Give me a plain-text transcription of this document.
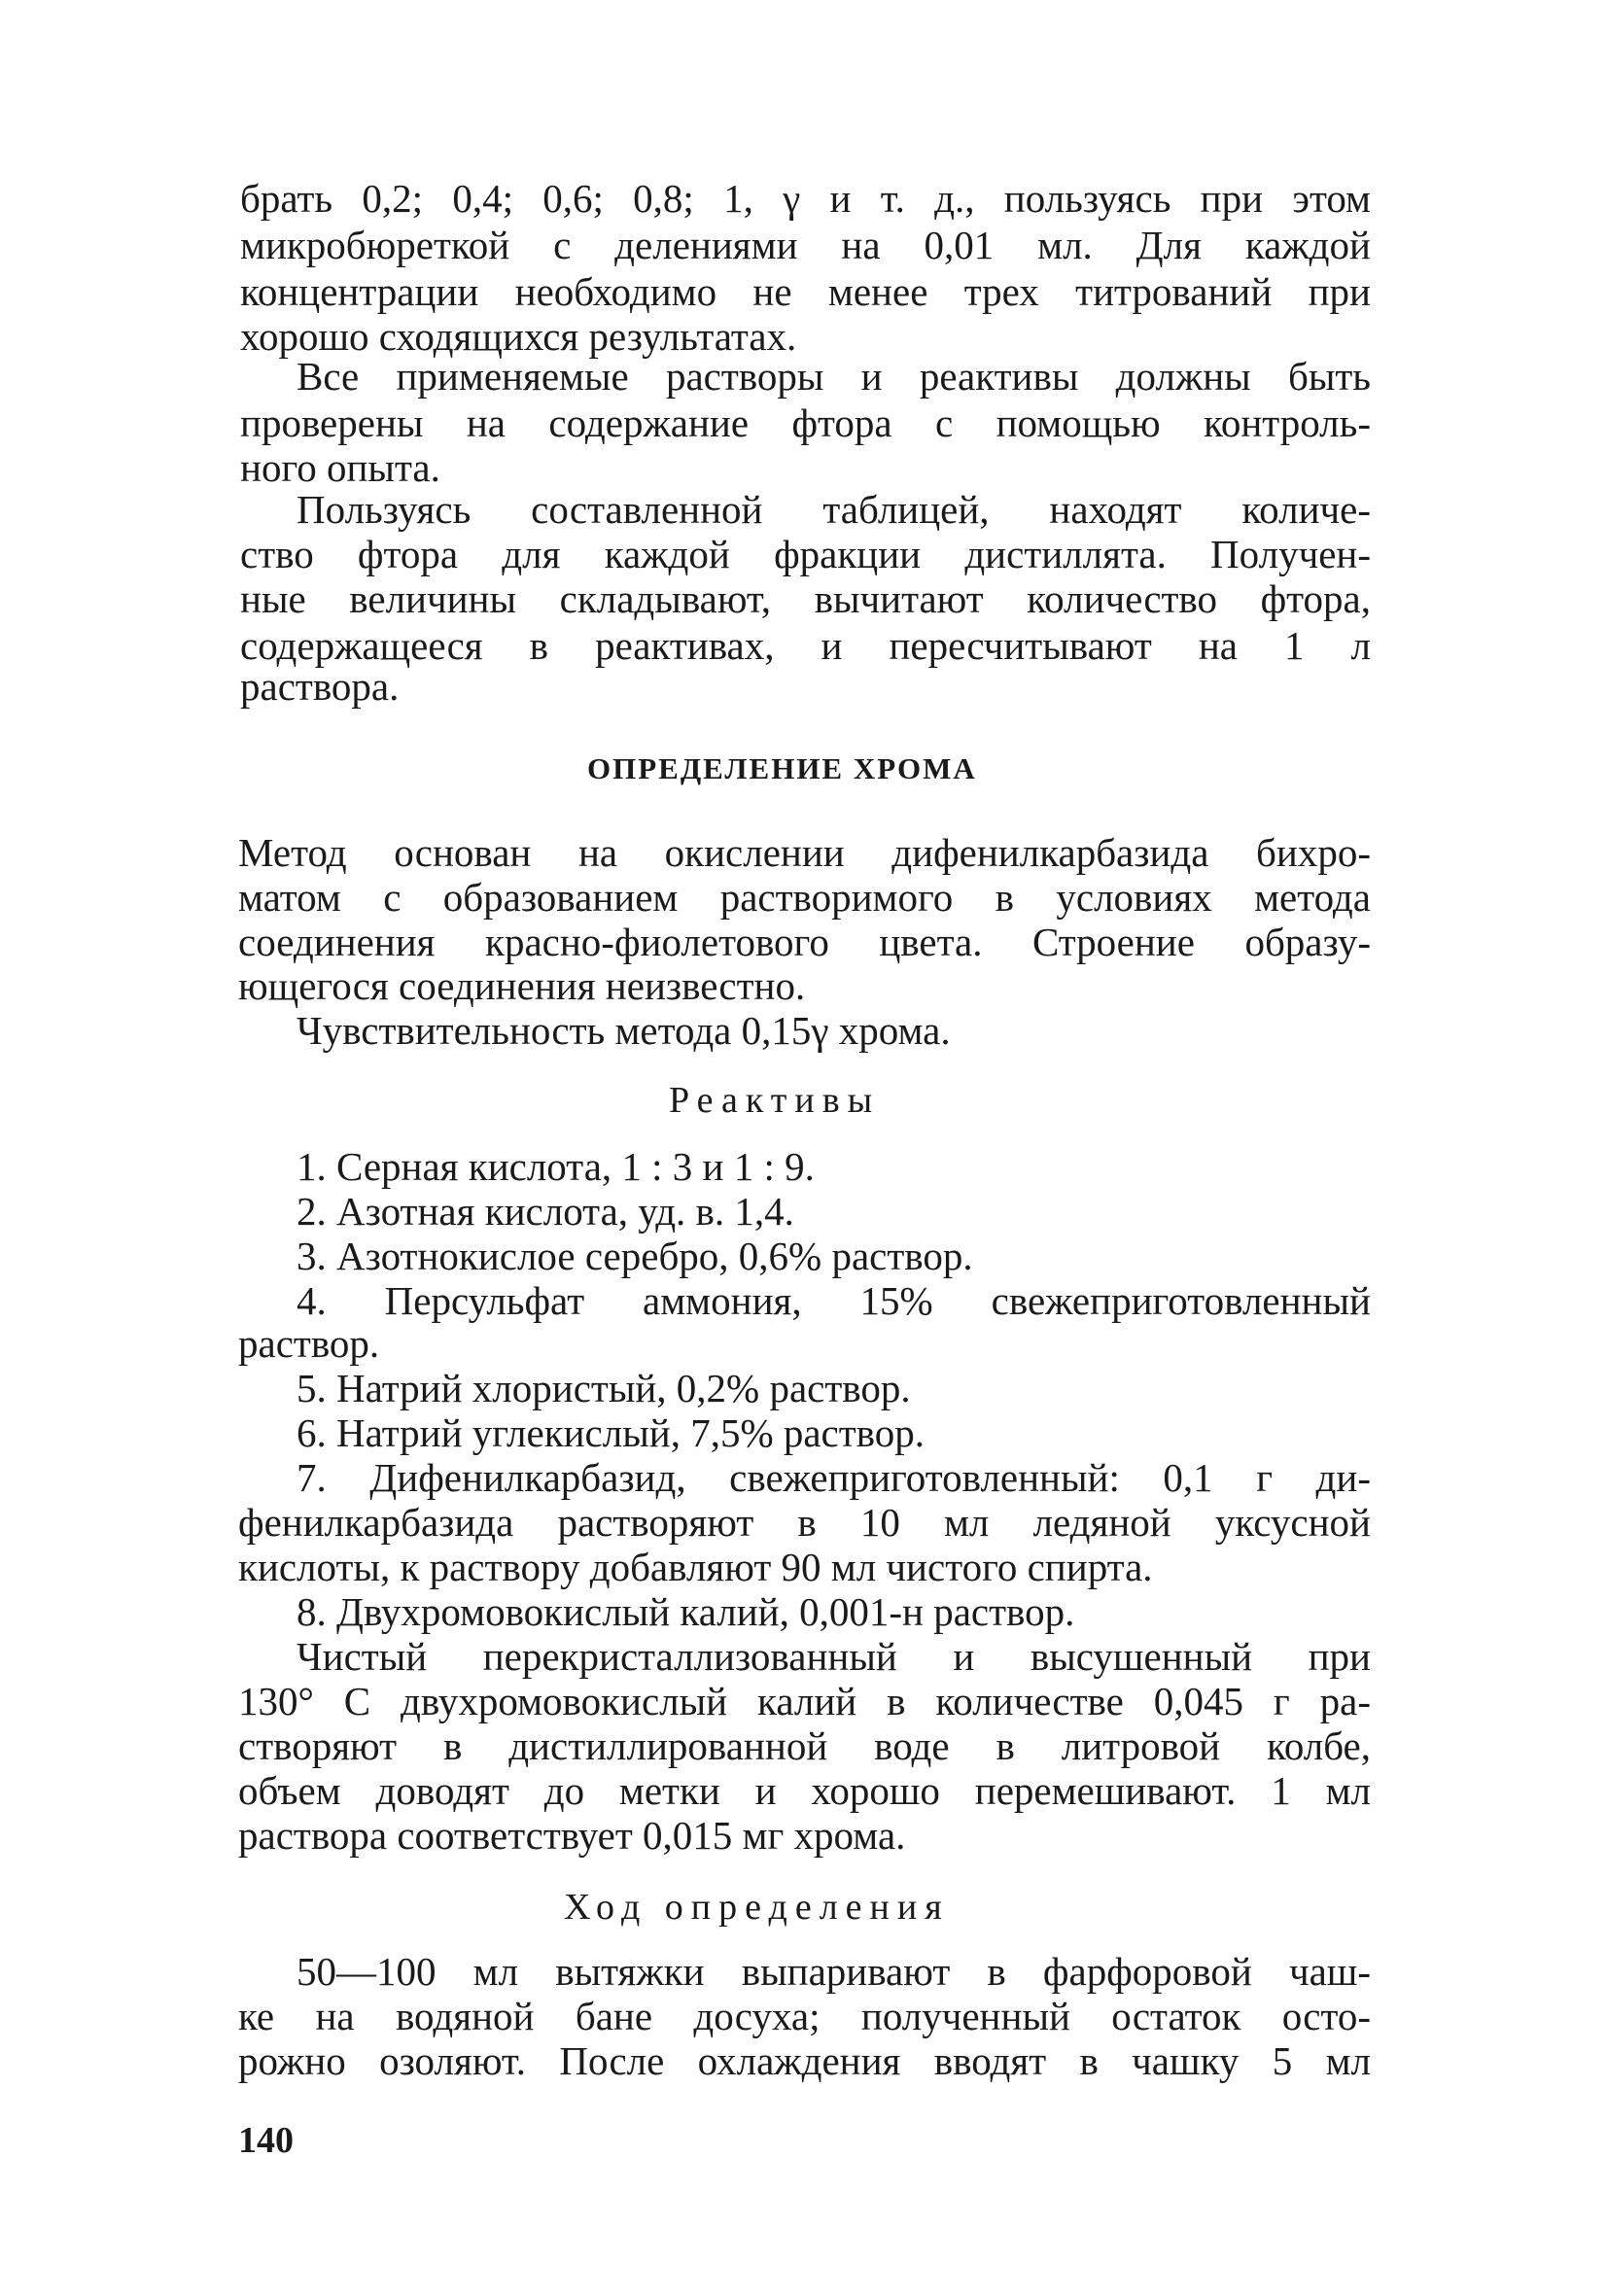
брать 0,2; 0,4; 0,6; 0,8; 1, γ и т. д., пользуясь при этом
микробюреткой с делениями на 0,01 мл. Для каждой
концентрации необходимо не менее трех титрований при
хорошо сходящихся результатах.
Все применяемые растворы и реактивы должны быть
проверены на содержание фтора с помощью контроль-
ного опыта.
Пользуясь составленной таблицей, находят количе-
ство фтора для каждой фракции дистиллята. Получен-
ные величины складывают, вычитают количество фтора,
содержащееся в реактивах, и пересчитывают на 1 л
раствора.
ОПРЕДЕЛЕНИЕ ХРОМА
Метод основан на окислении дифенилкарбазида бихро-
матом с образованием растворимого в условиях метода
соединения красно-фиолетового цвета. Строение образу-
ющегося соединения неизвестно.
Чувствительность метода 0,15γ хрома.
Реактивы
1. Серная кислота, 1 : 3 и 1 : 9.
2. Азотная кислота, уд. в. 1,4.
3. Азотнокислое серебро, 0,6% раствор.
4. Персульфат аммония, 15% свежеприготовленный
раствор.
5. Натрий хлористый, 0,2% раствор.
6. Натрий углекислый, 7,5% раствор.
7. Дифенилкарбазид, свежеприготовленный: 0,1 г ди-
фенилкарбазида растворяют в 10 мл ледяной уксусной
кислоты, к раствору добавляют 90 мл чистого спирта.
8. Двухромовокислый калий, 0,001-н раствор.
Чистый перекристаллизованный и высушенный при
130° С двухромовокислый калий в количестве 0,045 г ра-
створяют в дистиллированной воде в литровой колбе,
объем доводят до метки и хорошо перемешивают. 1 мл
раствора соответствует 0,015 мг хрома.
Ход определения
50—100 мл вытяжки выпаривают в фарфоровой чаш-
ке на водяной бане досуха; полученный остаток осто-
рожно озоляют. После охлаждения вводят в чашку 5 мл
140
